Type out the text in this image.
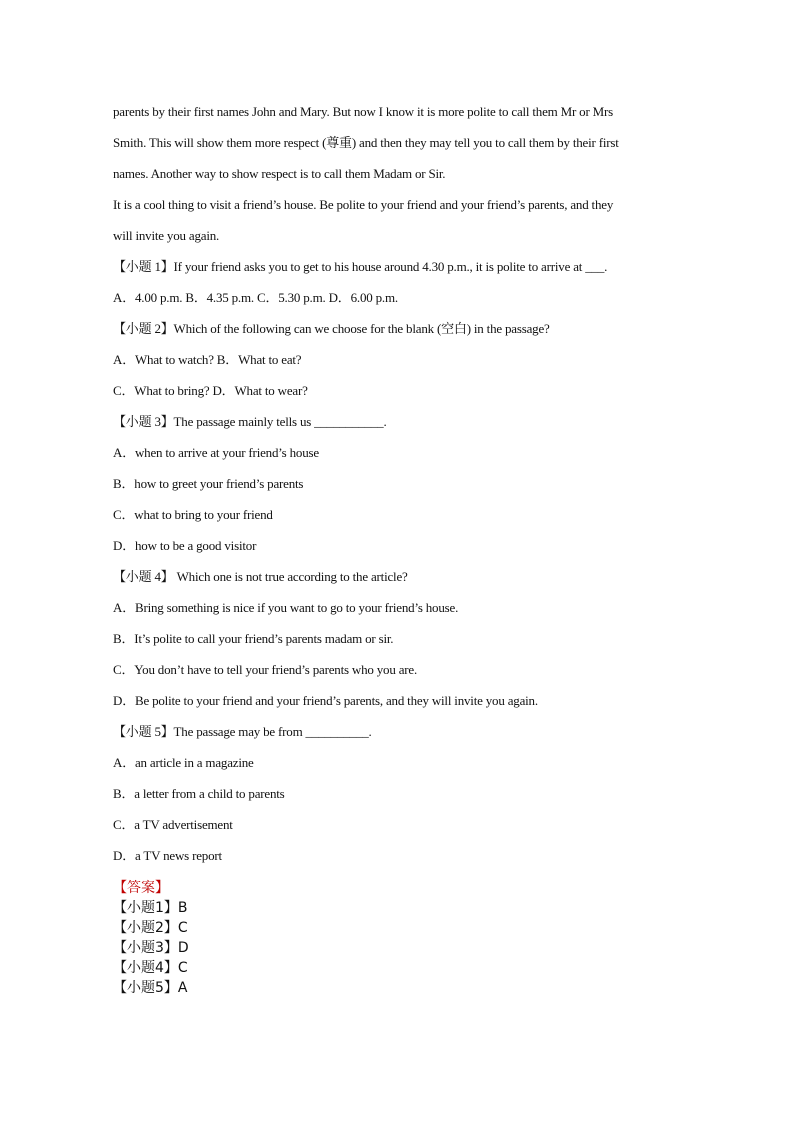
parents by their first names John and Mary. But now I know it is more polite to call them Mr or Mrs
Smith. This will show them more respect (尊重) and then they may tell you to call them by their first
names. Another way to show respect is to call them Madam or Sir.
It is a cool thing to visit a friend’s house. Be polite to your friend and your friend’s parents, and they
will invite you again.
【小题 1】If your friend asks you to get to his house around 4.30 p.m., it is polite to arrive at ___.
A．4.00 p.m. B．4.35 p.m. C．5.30 p.m. D．6.00 p.m.
【小题 2】Which of the following can we choose for the blank (空白) in the passage?
A．What to watch? B．What to eat?
C．What to bring? D．What to wear?
【小题 3】The passage mainly tells us ___________.
A．when to arrive at your friend’s house
B．how to greet your friend’s parents
C．what to bring to your friend
D．how to be a good visitor
【小题 4】 Which one is not true according to the article?
A．Bring something is nice if you want to go to your friend’s house.
B．It’s polite to call your friend’s parents madam or sir.
C．You don’t have to tell your friend’s parents who you are.
D．Be polite to your friend and your friend’s parents, and they will invite you again.
【小题 5】The passage may be from __________.
A．an article in a magazine
B．a letter from a child to parents
C．a TV advertisement
D．a TV news report
【答案】
【小题1】B
【小题2】C
【小题3】D
【小题4】C
【小题5】A
